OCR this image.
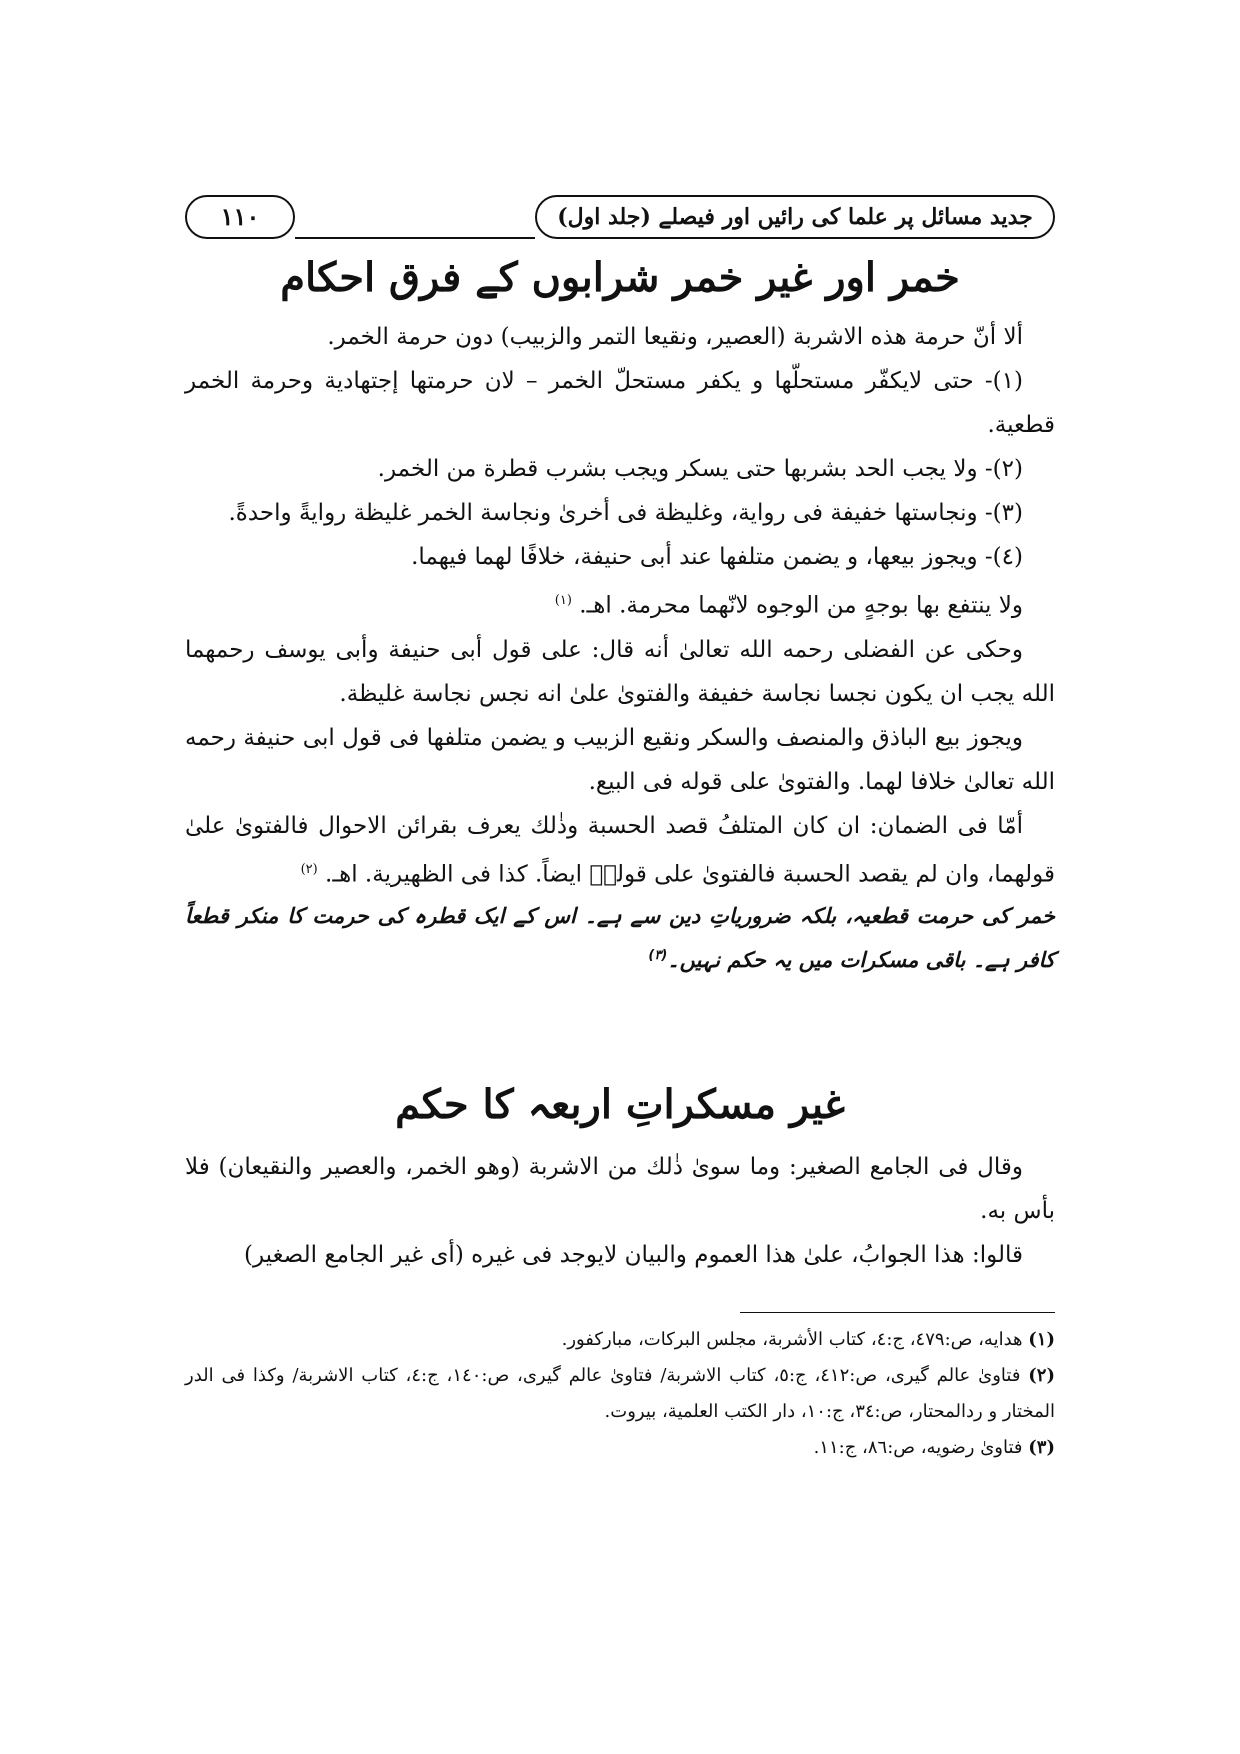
جدید مسائل پر علما کی رائیں اور فیصلے (جلد اول)
۱۱۰
خمر اور غیر خمر شرابوں کے فرق احکام

ألا أنّ حرمة هذه الاشربة (العصير، ونقيعا التمر والزبيب) دون حرمة الخمر.

(١)- حتى لايكفّر مستحلّها و يكفر مستحلّ الخمر – لان حرمتها إجتهادية وحرمة الخمر قطعية.

(٢)- ولا يجب الحد بشربها حتى يسكر ويجب بشرب قطرة من الخمر.

(٣)- ونجاستها خفيفة فى رواية، وغليظة فى أخرىٰ ونجاسة الخمر غليظة روايةً واحدةً.

(٤)- ويجوز بيعها، و يضمن متلفها عند أبى حنيفة، خلافًا لهما فيهما.

ولا ينتفع بها بوجهٍ من الوجوه لانّهما محرمة. اهـ. $^{(١)}$

وحكى عن الفضلى رحمه الله تعالىٰ أنه قال: على قول أبى حنيفة وأبى يوسف رحمهما الله يجب ان يكون نجسا نجاسة خفيفة والفتوىٰ علىٰ انه نجس نجاسة غليظة.

ويجوز بيع الباذق والمنصف والسكر ونقيع الزبيب و يضمن متلفها فى قول ابى حنيفة رحمه الله تعالىٰ خلافا لهما. والفتوىٰ على قوله فى البيع.

أمّا فى الضمان: ان كان المتلفُ قصد الحسبة وذٰلك يعرف بقرائن الاحوال فالفتوىٰ علىٰ قولهما، وان لم يقصد الحسبة فالفتوىٰ على قولهٖ ايضاً. كذا فى الظهيرية. اهـ. $^{(٢)}$

خمر کی حرمت قطعیہ، بلکہ ضروریاتِ دین سے ہے۔ اس کے ایک قطرہ کی حرمت کا منکر قطعاً کافر ہے۔ باقی مسکرات میں یہ حکم نہیں۔$^{(٣)}$

غیر مسکراتِ اربعہ کا حکم

وقال فى الجامع الصغير: وما سوىٰ ذٰلك من الاشربة (وهو الخمر، والعصير والنقيعان) فلا بأس به.

قالوا: هذا الجوابُ، علىٰ هذا العموم والبيان لايوجد فى غيره (أى غير الجامع الصغير)

(١) هدايه، ص:٤٧٩، ج:٤، كتاب الأشربة، مجلس البركات، مباركفور.

(٢) فتاوىٰ عالم گيرى، ص:٤١٢، ج:٥، كتاب الاشربة/ فتاوىٰ عالم گيرى، ص:١٤٠، ج:٤، كتاب الاشربة/ وكذا فى الدر المختار و ردالمحتار، ص:٣٤، ج:١٠، دار الكتب العلمية، بيروت.

(٣) فتاوىٰ رضويه، ص:٨٦، ج:١١.
